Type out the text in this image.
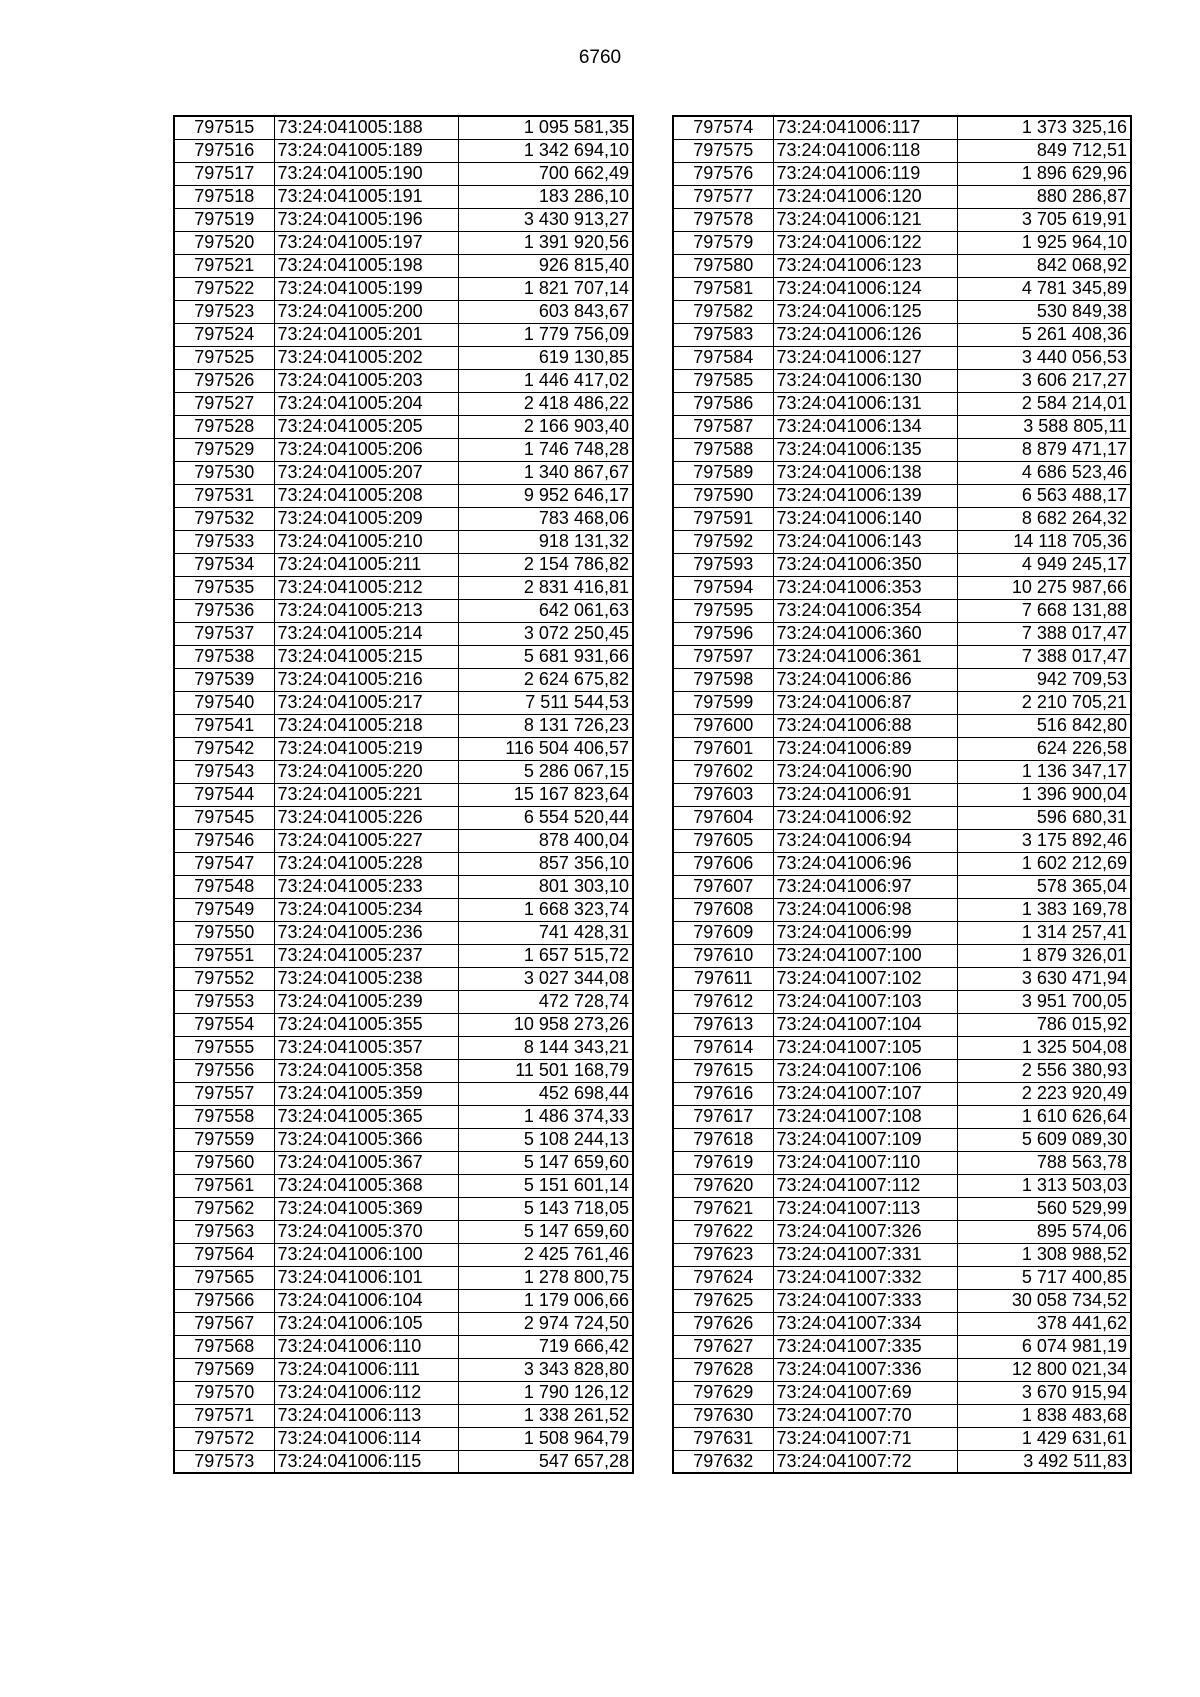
6760
797515	73:24:041005:188	1 095 581,35
797516	73:24:041005:189	1 342 694,10
797517	73:24:041005:190	700 662,49
797518	73:24:041005:191	183 286,10
797519	73:24:041005:196	3 430 913,27
797520	73:24:041005:197	1 391 920,56
797521	73:24:041005:198	926 815,40
797522	73:24:041005:199	1 821 707,14
797523	73:24:041005:200	603 843,67
797524	73:24:041005:201	1 779 756,09
797525	73:24:041005:202	619 130,85
797526	73:24:041005:203	1 446 417,02
797527	73:24:041005:204	2 418 486,22
797528	73:24:041005:205	2 166 903,40
797529	73:24:041005:206	1 746 748,28
797530	73:24:041005:207	1 340 867,67
797531	73:24:041005:208	9 952 646,17
797532	73:24:041005:209	783 468,06
797533	73:24:041005:210	918 131,32
797534	73:24:041005:211	2 154 786,82
797535	73:24:041005:212	2 831 416,81
797536	73:24:041005:213	642 061,63
797537	73:24:041005:214	3 072 250,45
797538	73:24:041005:215	5 681 931,66
797539	73:24:041005:216	2 624 675,82
797540	73:24:041005:217	7 511 544,53
797541	73:24:041005:218	8 131 726,23
797542	73:24:041005:219	116 504 406,57
797543	73:24:041005:220	5 286 067,15
797544	73:24:041005:221	15 167 823,64
797545	73:24:041005:226	6 554 520,44
797546	73:24:041005:227	878 400,04
797547	73:24:041005:228	857 356,10
797548	73:24:041005:233	801 303,10
797549	73:24:041005:234	1 668 323,74
797550	73:24:041005:236	741 428,31
797551	73:24:041005:237	1 657 515,72
797552	73:24:041005:238	3 027 344,08
797553	73:24:041005:239	472 728,74
797554	73:24:041005:355	10 958 273,26
797555	73:24:041005:357	8 144 343,21
797556	73:24:041005:358	11 501 168,79
797557	73:24:041005:359	452 698,44
797558	73:24:041005:365	1 486 374,33
797559	73:24:041005:366	5 108 244,13
797560	73:24:041005:367	5 147 659,60
797561	73:24:041005:368	5 151 601,14
797562	73:24:041005:369	5 143 718,05
797563	73:24:041005:370	5 147 659,60
797564	73:24:041006:100	2 425 761,46
797565	73:24:041006:101	1 278 800,75
797566	73:24:041006:104	1 179 006,66
797567	73:24:041006:105	2 974 724,50
797568	73:24:041006:110	719 666,42
797569	73:24:041006:111	3 343 828,80
797570	73:24:041006:112	1 790 126,12
797571	73:24:041006:113	1 338 261,52
797572	73:24:041006:114	1 508 964,79
797573	73:24:041006:115	547 657,28
797574	73:24:041006:117	1 373 325,16
797575	73:24:041006:118	849 712,51
797576	73:24:041006:119	1 896 629,96
797577	73:24:041006:120	880 286,87
797578	73:24:041006:121	3 705 619,91
797579	73:24:041006:122	1 925 964,10
797580	73:24:041006:123	842 068,92
797581	73:24:041006:124	4 781 345,89
797582	73:24:041006:125	530 849,38
797583	73:24:041006:126	5 261 408,36
797584	73:24:041006:127	3 440 056,53
797585	73:24:041006:130	3 606 217,27
797586	73:24:041006:131	2 584 214,01
797587	73:24:041006:134	3 588 805,11
797588	73:24:041006:135	8 879 471,17
797589	73:24:041006:138	4 686 523,46
797590	73:24:041006:139	6 563 488,17
797591	73:24:041006:140	8 682 264,32
797592	73:24:041006:143	14 118 705,36
797593	73:24:041006:350	4 949 245,17
797594	73:24:041006:353	10 275 987,66
797595	73:24:041006:354	7 668 131,88
797596	73:24:041006:360	7 388 017,47
797597	73:24:041006:361	7 388 017,47
797598	73:24:041006:86	942 709,53
797599	73:24:041006:87	2 210 705,21
797600	73:24:041006:88	516 842,80
797601	73:24:041006:89	624 226,58
797602	73:24:041006:90	1 136 347,17
797603	73:24:041006:91	1 396 900,04
797604	73:24:041006:92	596 680,31
797605	73:24:041006:94	3 175 892,46
797606	73:24:041006:96	1 602 212,69
797607	73:24:041006:97	578 365,04
797608	73:24:041006:98	1 383 169,78
797609	73:24:041006:99	1 314 257,41
797610	73:24:041007:100	1 879 326,01
797611	73:24:041007:102	3 630 471,94
797612	73:24:041007:103	3 951 700,05
797613	73:24:041007:104	786 015,92
797614	73:24:041007:105	1 325 504,08
797615	73:24:041007:106	2 556 380,93
797616	73:24:041007:107	2 223 920,49
797617	73:24:041007:108	1 610 626,64
797618	73:24:041007:109	5 609 089,30
797619	73:24:041007:110	788 563,78
797620	73:24:041007:112	1 313 503,03
797621	73:24:041007:113	560 529,99
797622	73:24:041007:326	895 574,06
797623	73:24:041007:331	1 308 988,52
797624	73:24:041007:332	5 717 400,85
797625	73:24:041007:333	30 058 734,52
797626	73:24:041007:334	378 441,62
797627	73:24:041007:335	6 074 981,19
797628	73:24:041007:336	12 800 021,34
797629	73:24:041007:69	3 670 915,94
797630	73:24:041007:70	1 838 483,68
797631	73:24:041007:71	1 429 631,61
797632	73:24:041007:72	3 492 511,83
